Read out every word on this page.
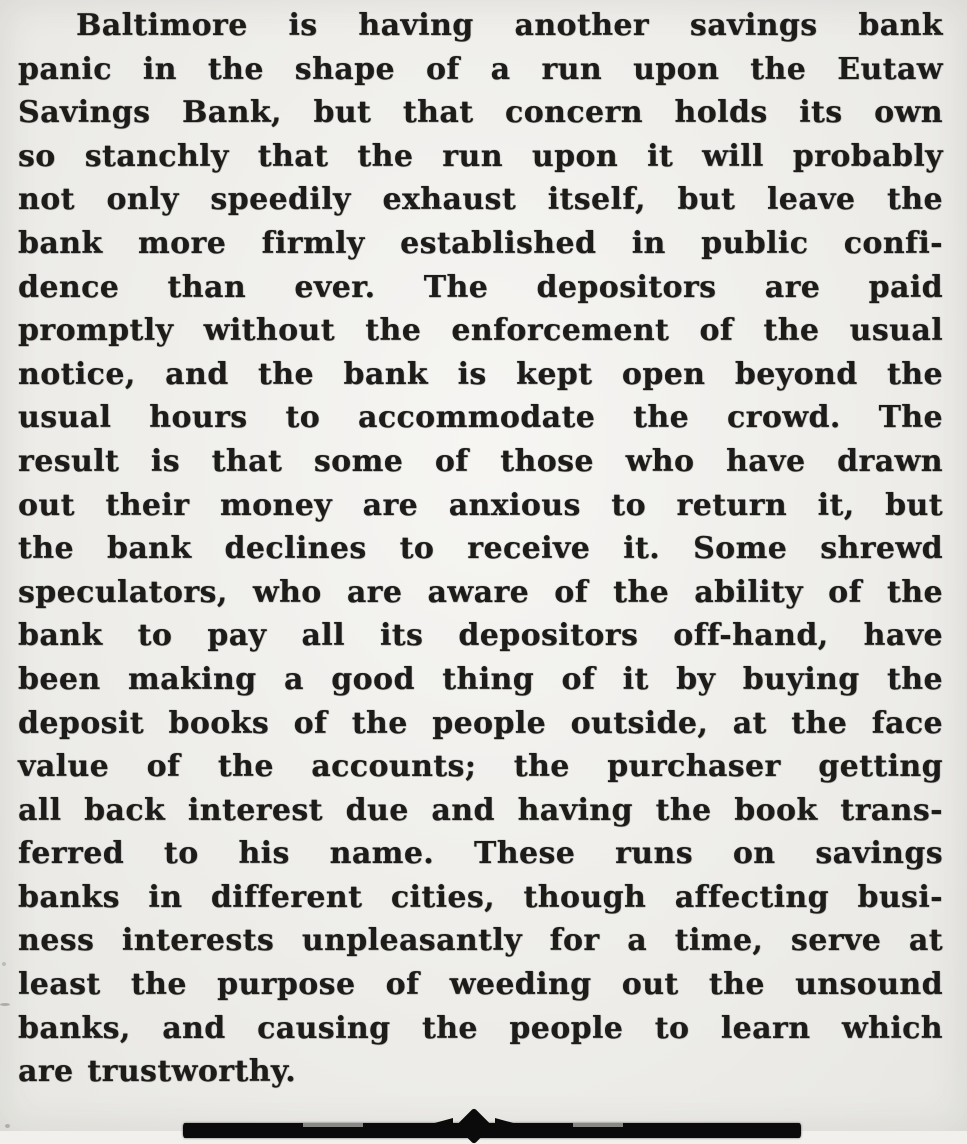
Baltimore is having another savings bank
panic in the shape of a run upon the Eutaw
Savings Bank, but that concern holds its own
so stanchly that the run upon it will probably
not only speedily exhaust itself, but leave the
bank more firmly established in public confi-
dence than ever. The depositors are paid
promptly without the enforcement of the usual
notice, and the bank is kept open beyond the
usual hours to accommodate the crowd. The
result is that some of those who have drawn
out their money are anxious to return it, but
the bank declines to receive it. Some shrewd
speculators, who are aware of the ability of the
bank to pay all its depositors off-hand, have
been making a good thing of it by buying the
deposit books of the people outside, at the face
value of the accounts; the purchaser getting
all back interest due and having the book trans-
ferred to his name. These runs on savings
banks in different cities, though affecting busi-
ness interests unpleasantly for a time, serve at
least the purpose of weeding out the unsound
banks, and causing the people to learn which
are trustworthy.
